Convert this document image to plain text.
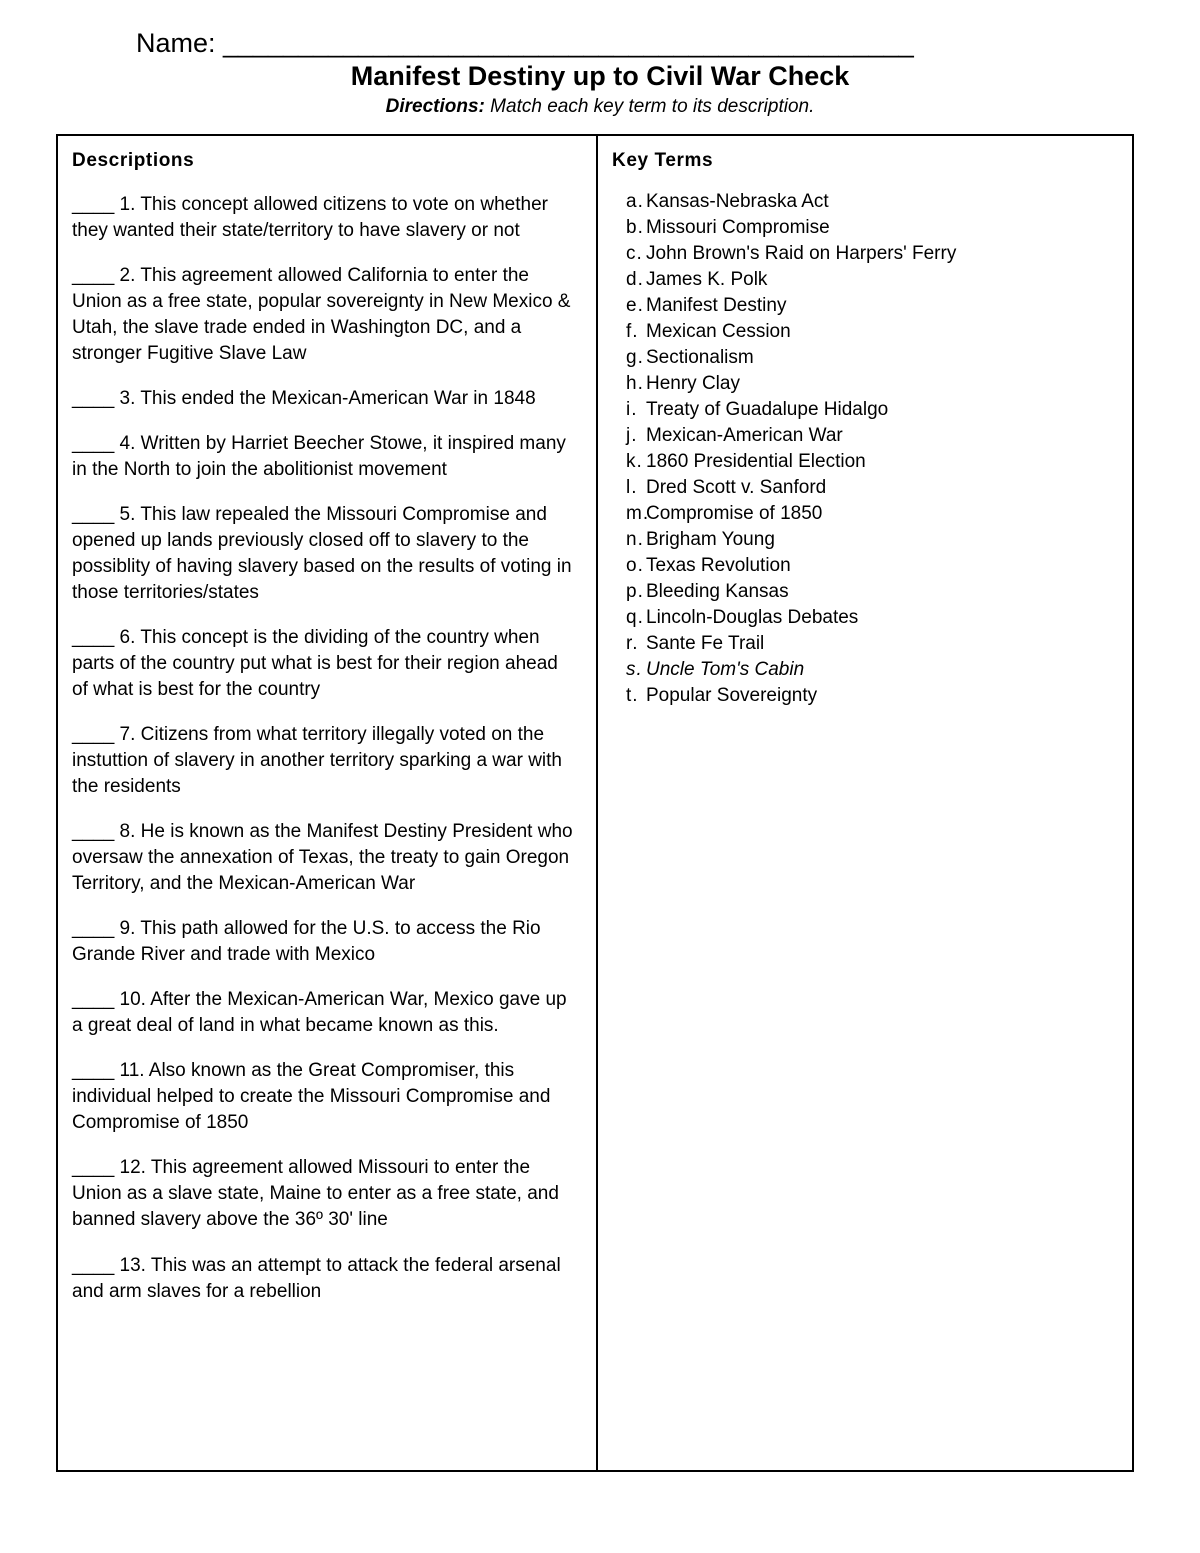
Name: ______________________________________________
Manifest Destiny up to Civil War Check
Directions: Match each key term to its description.
Descriptions
____ 1. This concept allowed citizens to vote on whether they wanted their state/territory to have slavery or not
____ 2. This agreement allowed California to enter the Union as a free state, popular sovereignty in New Mexico & Utah, the slave trade ended in Washington DC, and a stronger Fugitive Slave Law
____ 3. This ended the Mexican-American War in 1848
____ 4. Written by Harriet Beecher Stowe, it inspired many in the North to join the abolitionist movement
____ 5. This law repealed the Missouri Compromise and opened up lands previously closed off to slavery to the possiblity of having slavery based on the results of voting in those territories/states
____ 6. This concept is the dividing of the country when parts of the country put what is best for their region ahead of what is best for the country
____ 7. Citizens from what territory illegally voted on the instuttion of slavery in another territory sparking a war with the residents
____ 8. He is known as the Manifest Destiny President who oversaw the annexation of Texas, the treaty to gain Oregon Territory, and the Mexican-American War
____ 9. This path allowed for the U.S. to access the Rio Grande River and trade with Mexico
____ 10. After the Mexican-American War, Mexico gave up a great deal of land in what became known as this.
____ 11. Also known as the Great Compromiser, this individual helped to create the Missouri Compromise and Compromise of 1850
____ 12. This agreement allowed Missouri to enter the Union as a slave state, Maine to enter as a free state, and banned slavery above the 36º 30' line
____ 13. This was an attempt to attack the federal arsenal and arm slaves for a rebellion
Key Terms
a. Kansas-Nebraska Act
b. Missouri Compromise
c. John Brown's Raid on Harpers' Ferry
d. James K. Polk
e. Manifest Destiny
f. Mexican Cession
g. Sectionalism
h. Henry Clay
i. Treaty of Guadalupe Hidalgo
j. Mexican-American War
k. 1860 Presidential Election
l. Dred Scott v. Sanford
m.
Compromise of 1850
n. Brigham Young
o. Texas Revolution
p. Bleeding Kansas
q. Lincoln-Douglas Debates
r. Sante Fe Trail
s. Uncle Tom's Cabin
t. Popular Sovereignty
